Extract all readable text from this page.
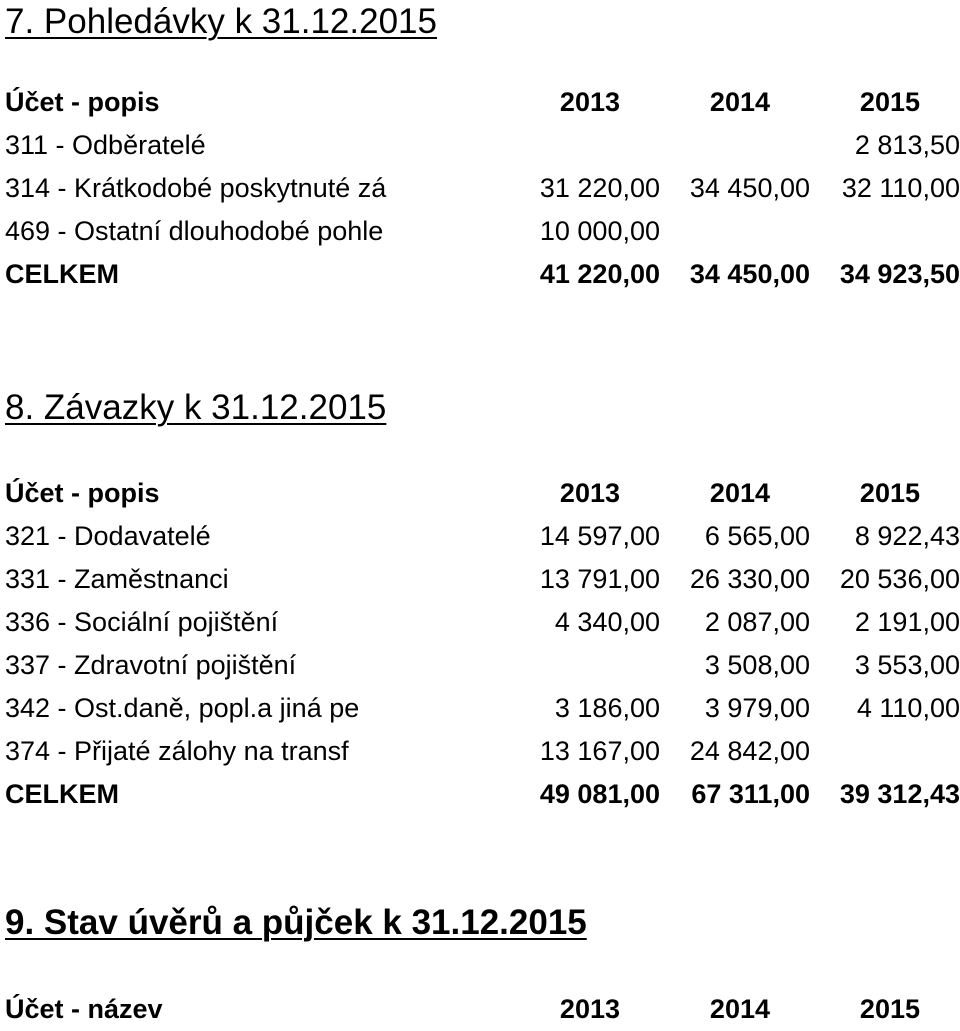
7. Pohledávky k 31.12.2015
Účet - popis	2013	2014	2015
311 - Odběratelé			2 813,50
314 - Krátkodobé poskytnuté zá	31 220,00	34 450,00	32 110,00
469 - Ostatní dlouhodobé pohle	10 000,00		
CELKEM	41 220,00	34 450,00	34 923,50
8. Závazky k 31.12.2015
Účet - popis	2013	2014	2015
321 - Dodavatelé	14 597,00	6 565,00	8 922,43
331 - Zaměstnanci	13 791,00	26 330,00	20 536,00
336 - Sociální pojištění	4 340,00	2 087,00	2 191,00
337 - Zdravotní pojištění		3 508,00	3 553,00
342 - Ost.daně, popl.a jiná pe	3 186,00	3 979,00	4 110,00
374 - Přijaté zálohy na transf	13 167,00	24 842,00	
CELKEM	49 081,00	67 311,00	39 312,43
9. Stav úvěrů a půjček k 31.12.2015
Účet - název	2013	2014	2015
